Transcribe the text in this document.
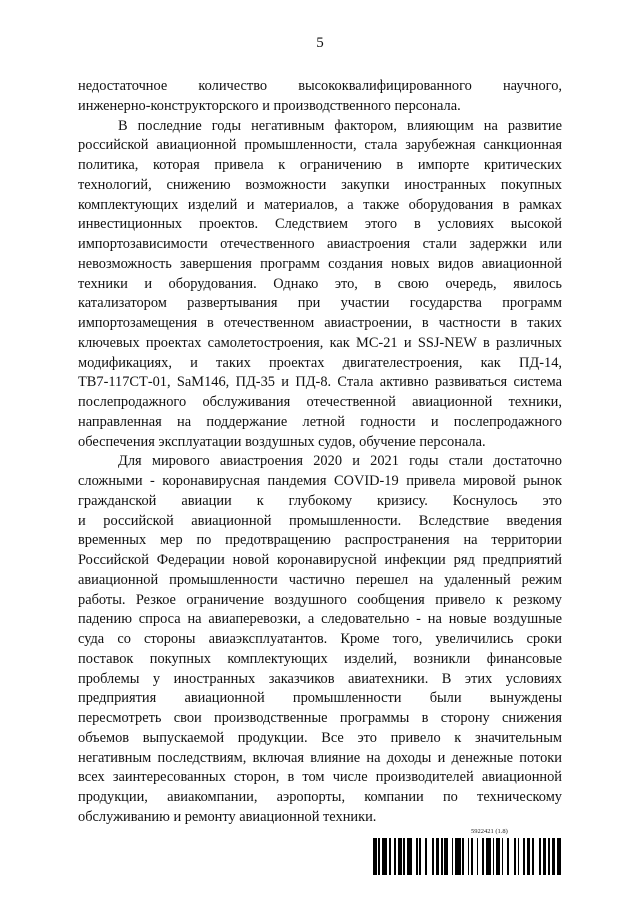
5
недостаточное количество высококвалифицированного научного,
инженерно-конструкторского и производственного персонала.
В последние годы негативным фактором, влияющим на развитие
российской авиационной промышленности, стала зарубежная санкционная
политика, которая привела к ограничению в импорте критических
технологий, снижению возможности закупки иностранных покупных
комплектующих изделий и материалов, а также оборудования в рамках
инвестиционных проектов. Следствием этого в условиях высокой
импортозависимости отечественного авиастроения стали задержки или
невозможность завершения программ создания новых видов авиационной
техники и оборудования. Однако это, в свою очередь, явилось
катализатором развертывания при участии государства программ
импортозамещения в отечественном авиастроении, в частности в таких
ключевых проектах самолетостроения, как МС-21 и SSJ-NEW в различных
модификациях, и таких проектах двигателестроения, как ПД-14,
ТВ7-117СТ-01, SaM146, ПД-35 и ПД-8. Стала активно развиваться система
послепродажного обслуживания отечественной авиационной техники,
направленная на поддержание летной годности и послепродажного
обеспечения эксплуатации воздушных судов, обучение персонала.
Для мирового авиастроения 2020 и 2021 годы стали достаточно
сложными - коронавирусная пандемия COVID-19 привела мировой рынок
гражданской авиации к глубокому кризису. Коснулось это
и российской авиационной промышленности. Вследствие введения
временных мер по предотвращению распространения на территории
Российской Федерации новой коронавирусной инфекции ряд предприятий
авиационной промышленности частично перешел на удаленный режим
работы. Резкое ограничение воздушного сообщения привело к резкому
падению спроса на авиаперевозки, а следовательно - на новые воздушные
суда со стороны авиаэксплуатантов. Кроме того, увеличились сроки
поставок покупных комплектующих изделий, возникли финансовые
проблемы у иностранных заказчиков авиатехники. В этих условиях
предприятия авиационной промышленности были вынуждены
пересмотреть свои производственные программы в сторону снижения
объемов выпускаемой продукции. Все это привело к значительным
негативным последствиям, включая влияние на доходы и денежные потоки
всех заинтересованных сторон, в том числе производителей авиационной
продукции, авиакомпании, аэропорты, компании по техническому
обслуживанию и ремонту авиационной техники.
5922421 (1.8)
